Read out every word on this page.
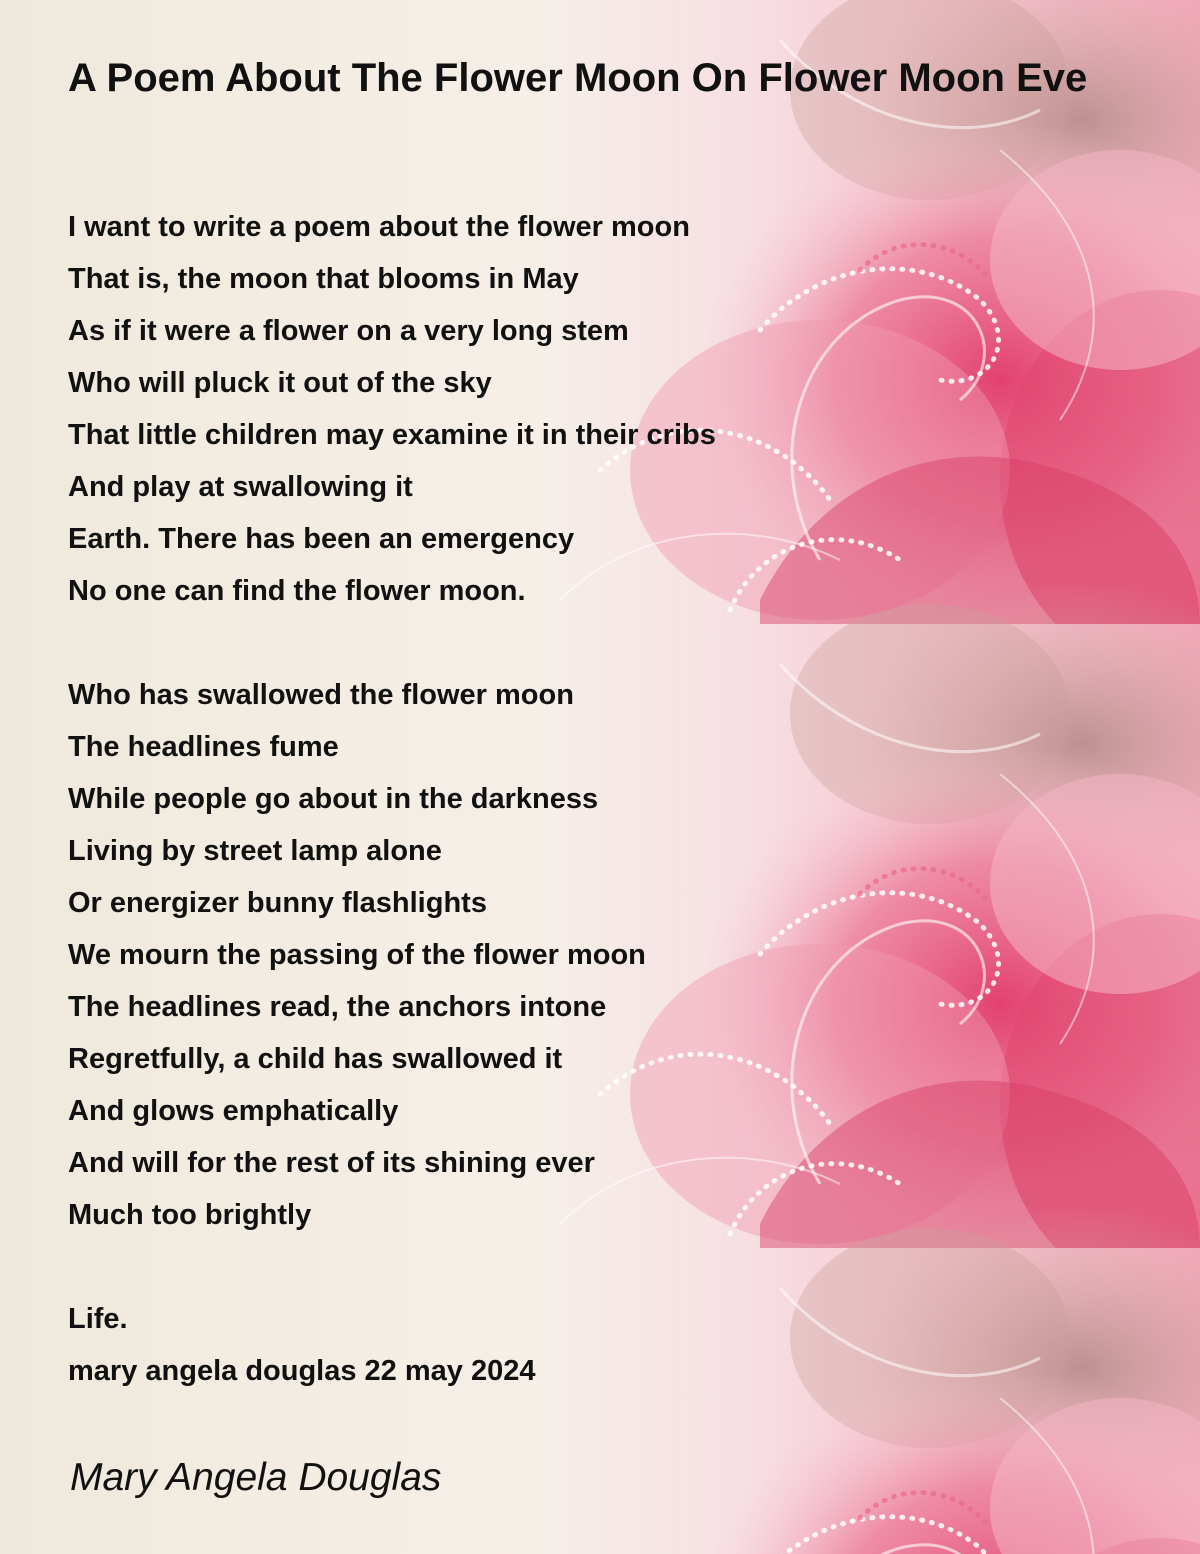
A Poem About The Flower Moon On Flower Moon Eve
I want to write a poem about the flower moon
That is, the moon that blooms in May
As if it were a flower on a very long stem
Who will pluck it out of the sky
That little children may examine it in their cribs
And play at swallowing it
Earth. There has been an emergency
No one can find the flower moon.
Who has swallowed the flower moon
The headlines fume
While people go about in the darkness
Living by street lamp alone
Or energizer bunny flashlights
We mourn the passing of the flower moon
The headlines read, the anchors intone
Regretfully, a child has swallowed it
And glows emphatically
And will for the rest of its shining ever
Much too brightly
Life.
mary angela douglas 22 may 2024

Mary Angela Douglas
